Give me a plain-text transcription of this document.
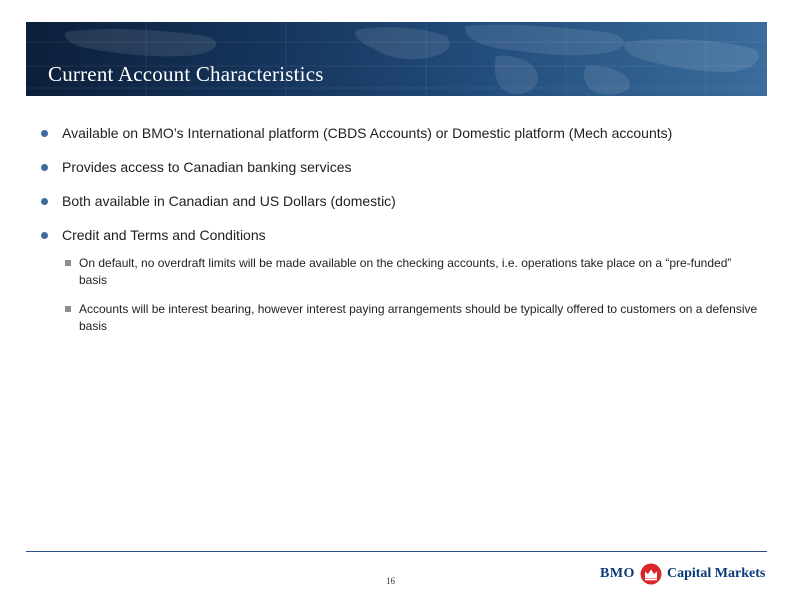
Current Account Characteristics
Available on BMO’s International platform (CBDS Accounts) or Domestic platform (Mech accounts)
Provides access to Canadian banking services
Both available in Canadian and US Dollars (domestic)
Credit and Terms and Conditions
On default, no overdraft limits will be made available on the checking accounts, i.e. operations take place on a “pre-funded” basis
Accounts will be interest bearing, however interest paying arrangements should be typically offered to customers on a defensive basis
16	BMO Capital Markets
